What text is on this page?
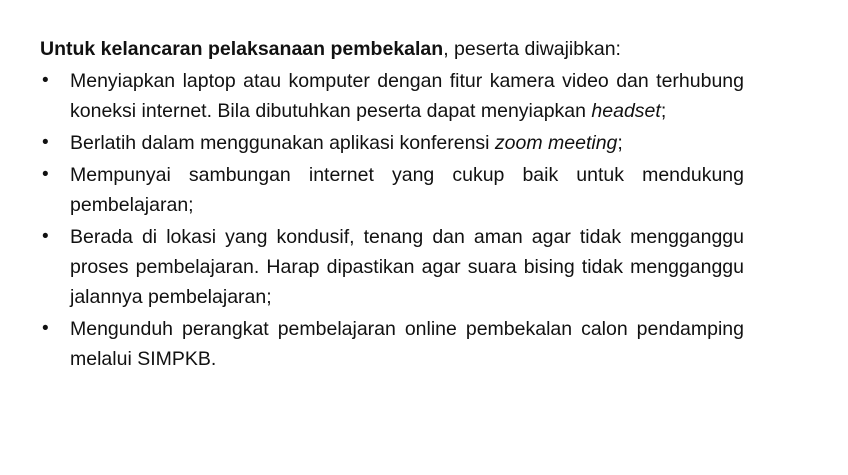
Untuk kelancaran pelaksanaan pembekalan, peserta diwajibkan:

• Menyiapkan laptop atau komputer dengan fitur kamera video dan terhubung koneksi internet. Bila dibutuhkan peserta dapat menyiapkan headset;
• Berlatih dalam menggunakan aplikasi konferensi zoom meeting;
• Mempunyai sambungan internet yang cukup baik untuk mendukung pembelajaran;
• Berada di lokasi yang kondusif, tenang dan aman agar tidak mengganggu proses pembelajaran. Harap dipastikan agar suara bising tidak mengganggu jalannya pembelajaran;
• Mengunduh perangkat pembelajaran online pembekalan calon pendamping melalui SIMPKB.
